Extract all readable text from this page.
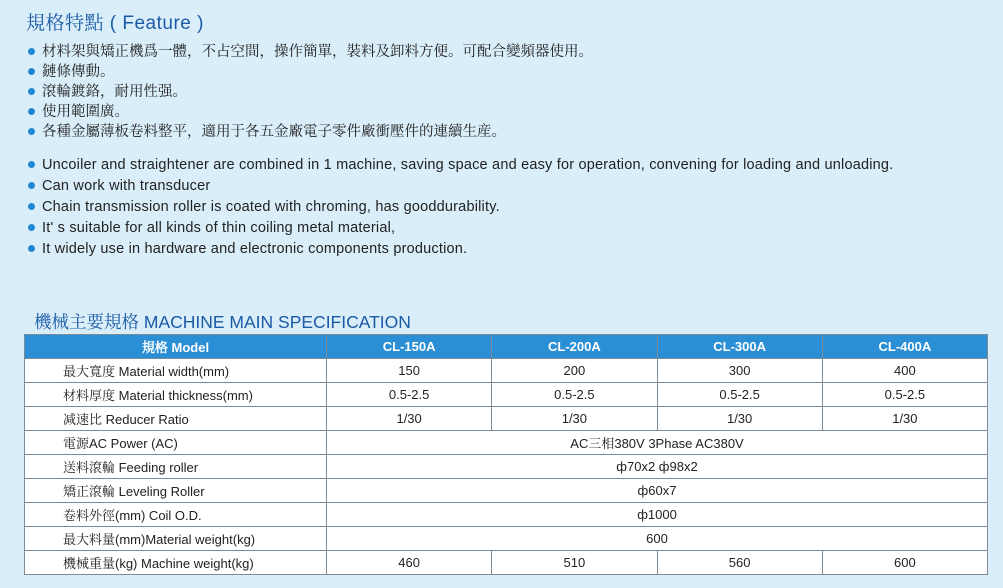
規格特點 ( Feature )
材料架與矯正機爲一體，不占空間，操作簡單，裝料及卸料方便。可配合變頻器使用。
鏈條傳動。
滾輪鍍鉻，耐用性强。
使用範圍廣。
各種金屬薄板卷料整平，適用于各五金廠電子零件廠衝壓件的連續生産。
Uncoiler and straightener are combined in 1 machine, saving space and easy for operation, convening for loading and unloading.
Can work with transducer
Chain transmission roller is coated with chroming, has gooddurability.
It' s suitable for all kinds of thin coiling metal material,
It widely use in hardware and electronic components production.
機械主要規格 MACHINE MAIN SPECIFICATION
規格 Model	CL-150A	CL-200A	CL-300A	CL-400A
最大寬度 Material width(mm)	150	200	300	400
材料厚度 Material thickness(mm)	0.5-2.5	0.5-2.5	0.5-2.5	0.5-2.5
减速比 Reducer Ratio	1/30	1/30	1/30	1/30
電源AC Power (AC)	AC三相380V 3Phase AC380V			
送料滾輪 Feeding roller	ф70x2 ф98x2			
矯正滾輪 Leveling Roller	ф60x7			
卷料外徑(mm) Coil O.D.	ф1000			
最大料量(mm)Material weight(kg)	600			
機械重量(kg) Machine weight(kg)	460	510	560	600
